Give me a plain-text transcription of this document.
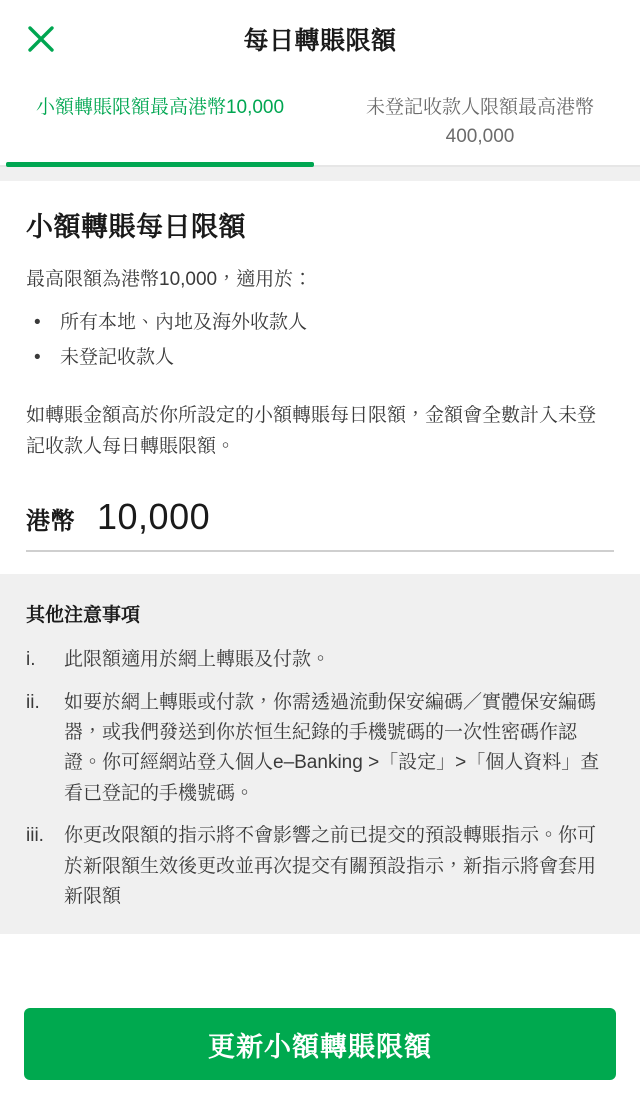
每日轉賬限額
小額轉賬限額最高港幣10,000	未登記收款人限額最高港幣400,000
小額轉賬每日限額

最高限額為港幣10,000，適用於：

• 所有本地、內地及海外收款人
• 未登記收款人

如轉賬金額高於你所設定的小額轉賬每日限額，金額會全數計入未登記收款人每日轉賬限額。

港幣
10,000
其他注意事項
i.	此限額適用於網上轉賬及付款。
ii.	如要於網上轉賬或付款，你需透過流動保安編碼／實體保安編碼器，或我們發送到你於恒生紀錄的手機號碼的一次性密碼作認證。你可經網站登入個人e–Banking >「設定」>「個人資料」查看已登記的手機號碼。
iii.	你更改限額的指示將不會影響之前已提交的預設轉賬指示。你可於新限額生效後更改並再次提交有關預設指示，新指示將會套用新限額
更新小額轉賬限額
